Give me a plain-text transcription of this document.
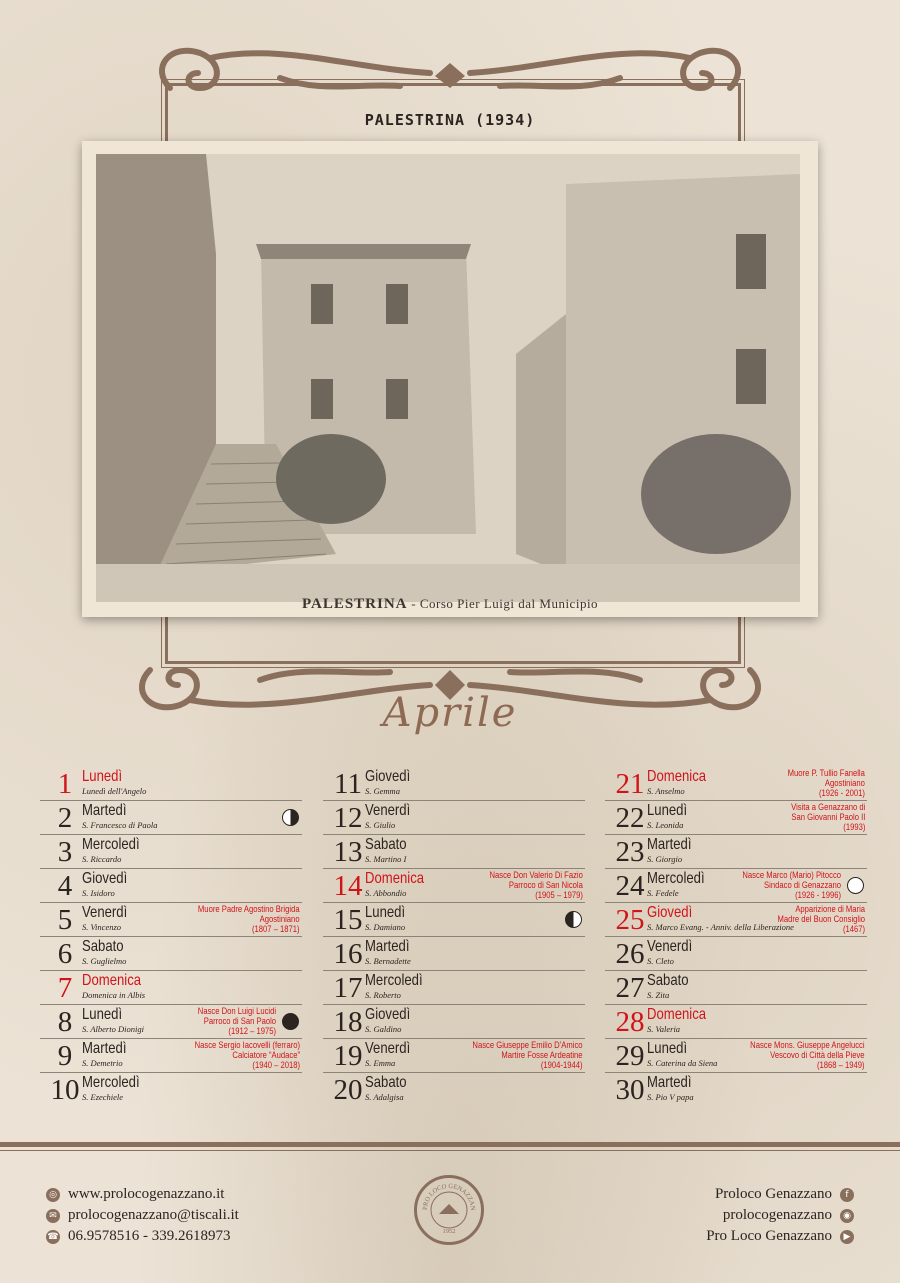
PALESTRINA (1934)
PALESTRINA - Corso Pier Luigi dal Municipio
Aprile
1 Lunedì
Lunedì dell'Angelo
2 Martedì
S. Francesco di Paola
3 Mercoledì
S. Riccardo
4 Giovedì
S. Isidoro
5 Venerdì
S. Vincenzo
Muore Padre Agostino Brigida
Agostiniano
(1807 – 1871)
6 Sabato
S. Guglielmo
7 Domenica
Domenica in Albis
8 Lunedì
S. Alberto Dionigi
Nasce Don Luigi Lucidi
Parroco di San Paolo
(1912 – 1975)
9 Martedì
S. Demetrio
Nasce Sergio Iacovelli (ferraro)
Calciatore “Audace”
(1940 – 2018)
10 Mercoledì
S. Ezechiele
11 Giovedì
S. Gemma
12 Venerdì
S. Giulio
13 Sabato
S. Martino I
14 Domenica
S. Abbondio
Nasce Don Valerio Di Fazio
Parroco di San Nicola
(1905 – 1979)
15 Lunedì
S. Damiano
16 Martedì
S. Bernadette
17 Mercoledì
S. Roberto
18 Giovedì
S. Galdino
19 Venerdì
S. Emma
Nasce Giuseppe Emilio D’Amico
Martire Fosse Ardeatine
(1904-1944)
20 Sabato
S. Adalgisa
21 Domenica
S. Anselmo
Muore P. Tullio Fanella
Agostiniano
(1926 - 2001)
22 Lunedì
S. Leonida
Visita a Genazzano di
San Giovanni Paolo II
(1993)
23 Martedì
S. Giorgio
24 Mercoledì
S. Fedele
Nasce Marco (Mario) Pitocco
Sindaco di Genazzano
(1926 - 1996)
25 Giovedì
S. Marco Evang. - Anniv. della Liberazione
Apparizione di Maria
Madre del Buon Consiglio
(1467)
26 Venerdì
S. Cleto
27 Sabato
S. Zita
28 Domenica
S. Valeria
29 Lunedì
S. Caterina da Siena
Nasce Mons. Giuseppe Angelucci
Vescovo di Città della Pieve
(1868 – 1949)
30 Martedì
S. Pio V papa
◎ www.prolocogenazzano.it
✉ prolocogenazzano@tiscali.it
☎ 06.9578516 - 339.2618973
PRO LOCO GENAZZAN
1952
Proloco Genazzano	f
prolocogenazzano	◉
Pro Loco Genazzano	▶
